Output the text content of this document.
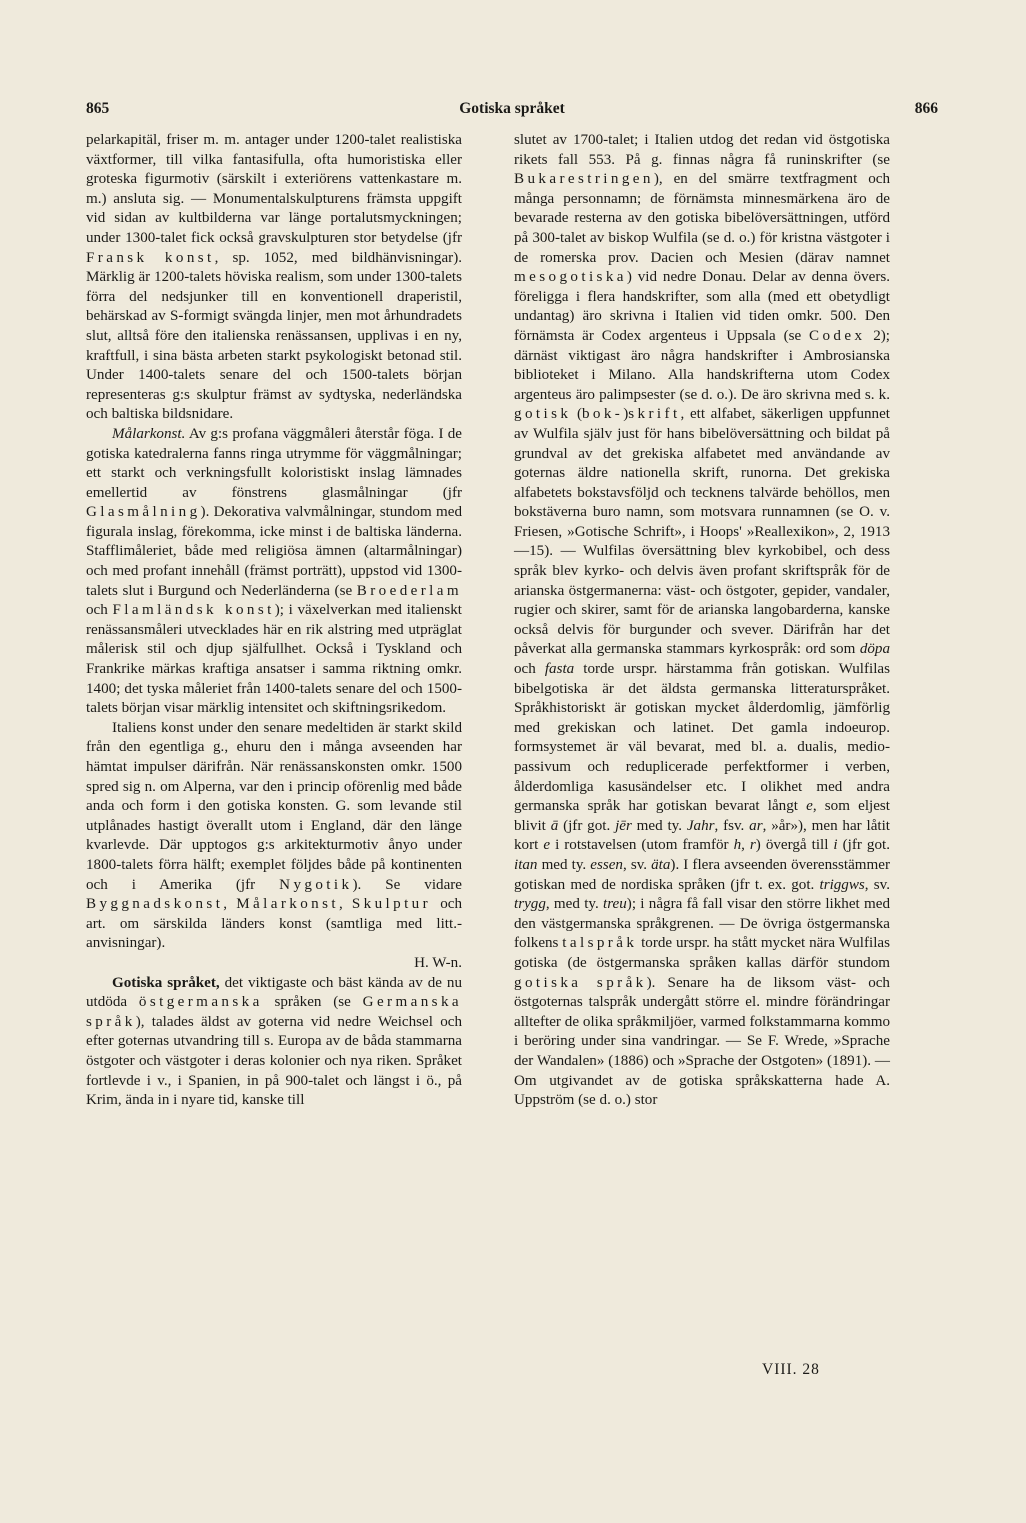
865	Gotiska språket	866

pelarkapitäl, friser m. m. antager under 1200-talet realistiska växtformer, till vilka fantasifulla, ofta humoristiska eller groteska figurmotiv (särskilt i exteriörens vattenkastare m. m.) ansluta sig. — Monumentalskulpturens främsta uppgift vid sidan av kultbilderna var länge portalutsmyckningen; under 1300-talet fick också gravskulpturen stor betydelse (jfr Fransk konst, sp. 1052, med bildhänvisningar). Märklig är 1200-talets höviska realism, som under 1300-talets förra del nedsjunker till en konventionell draperistil, behärskad av S-formigt svängda linjer, men mot århundradets slut, alltså före den italienska renässansen, upplivas i en ny, kraftfull, i sina bästa arbeten starkt psykologiskt betonad stil. Under 1400-talets senare del och 1500-talets början representeras g:s skulptur främst av sydtyska, nederländska och baltiska bildsnidare.

Målarkonst. Av g:s profana väggmåleri återstår föga. I de gotiska katedralerna fanns ringa utrymme för väggmålningar; ett starkt och verkningsfullt koloristiskt inslag lämnades emellertid av fönstrens glasmålningar (jfr Glasmålning). Dekorativa valvmålningar, stundom med figurala inslag, förekomma, icke minst i de baltiska länderna. Stafflimåleriet, både med religiösa ämnen (altarmålningar) och med profant innehåll (främst porträtt), uppstod vid 1300-talets slut i Burgund och Nederländerna (se Broederlam och Flamländsk konst); i växelverkan med italienskt renässansmåleri utvecklades här en rik alstring med utpräglat målerisk stil och djup själfullhet. Också i Tyskland och Frankrike märkas kraftiga ansatser i samma riktning omkr. 1400; det tyska måleriet från 1400-talets senare del och 1500-talets början visar märklig intensitet och skiftningsrikedom.

Italiens konst under den senare medeltiden är starkt skild från den egentliga g., ehuru den i många avseenden har hämtat impulser därifrån. När renässanskonsten omkr. 1500 spred sig n. om Alperna, var den i princip oförenlig med både anda och form i den gotiska konsten. G. som levande stil utplånades hastigt överallt utom i England, där den länge kvarlevde. Där upptogos g:s arkitekturmotiv ånyo under 1800-talets förra hälft; exemplet följdes både på kontinenten och i Amerika (jfr Nygotik). Se vidare Byggnadskonst, Målarkonst, Skulptur och art. om särskilda länders konst (samtliga med litt.-anvisningar).

H. W-n.

Gotiska språket, det viktigaste och bäst kända av de nu utdöda östgermanska språken (se Germanska språk), talades äldst av goterna vid nedre Weichsel och efter goternas utvandring till s. Europa av de båda stammarna östgoter och västgoter i deras kolonier och nya riken. Språket fortlevde i v., i Spanien, in på 900-talet och längst i ö., på Krim, ända in i nyare tid, kanske till

slutet av 1700-talet; i Italien utdog det redan vid östgotiska rikets fall 553. På g. finnas några få runinskrifter (se Bukarestringen), en del smärre textfragment och många personnamn; de förnämsta minnesmärkena äro de bevarade resterna av den gotiska bibelöversättningen, utförd på 300-talet av biskop Wulfila (se d. o.) för kristna västgoter i de romerska prov. Dacien och Mesien (därav namnet mesogotiska) vid nedre Donau. Delar av denna övers. föreligga i flera handskrifter, som alla (med ett obetydligt undantag) äro skrivna i Italien vid tiden omkr. 500. Den förnämsta är Codex argenteus i Uppsala (se Codex 2); därnäst viktigast äro några handskrifter i Ambrosianska biblioteket i Milano. Alla handskrifterna utom Codex argenteus äro palimpsester (se d. o.). De äro skrivna med s. k. gotisk (bok-)skrift, ett alfabet, säkerligen uppfunnet av Wulfila själv just för hans bibelöversättning och bildat på grundval av det grekiska alfabetet med användande av goternas äldre nationella skrift, runorna. Det grekiska alfabetets bokstavsföljd och tecknens talvärde behöllos, men bokstäverna buro namn, som motsvara runnamnen (se O. v. Friesen, »Gotische Schrift», i Hoops' »Reallexikon», 2, 1913—15). — Wulfilas översättning blev kyrkobibel, och dess språk blev kyrko- och delvis även profant skriftspråk för de arianska östgermanerna: väst- och östgoter, gepider, vandaler, rugier och skirer, samt för de arianska langobarderna, kanske också delvis för burgunder och svever. Därifrån har det påverkat alla germanska stammars kyrkospråk: ord som döpa och fasta torde urspr. härstamma från gotiskan. Wulfilas bibelgotiska är det äldsta germanska litteraturspråket. Språkhistoriskt är gotiskan mycket ålderdomlig, jämförlig med grekiskan och latinet. Det gamla indoeurop. formsystemet är väl bevarat, med bl. a. dualis, medio-passivum och reduplicerade perfektformer i verben, ålderdomliga kasusändelser etc. I olikhet med andra germanska språk har gotiskan bevarat långt e, som eljest blivit ā (jfr got. jēr med ty. Jahr, fsv. ar, »år»), men har låtit kort e i rotstavelsen (utom framför h, r) övergå till i (jfr got. itan med ty. essen, sv. äta). I flera avseenden överensstämmer gotiskan med de nordiska språken (jfr t. ex. got. triggws, sv. trygg, med ty. treu); i några få fall visar den större likhet med den västgermanska språkgrenen. — De övriga östgermanska folkens talspråk torde urspr. ha stått mycket nära Wulfilas gotiska (de östgermanska språken kallas därför stundom gotiska språk). Senare ha de liksom väst- och östgoternas talspråk undergått större el. mindre förändringar alltefter de olika språkmiljöer, varmed folkstammarna kommo i beröring under sina vandringar. — Se F. Wrede, »Sprache der Wandalen» (1886) och »Sprache der Ostgoten» (1891). — Om utgivandet av de gotiska språkskatterna hade A. Uppström (se d. o.) stor

VIII. 28
